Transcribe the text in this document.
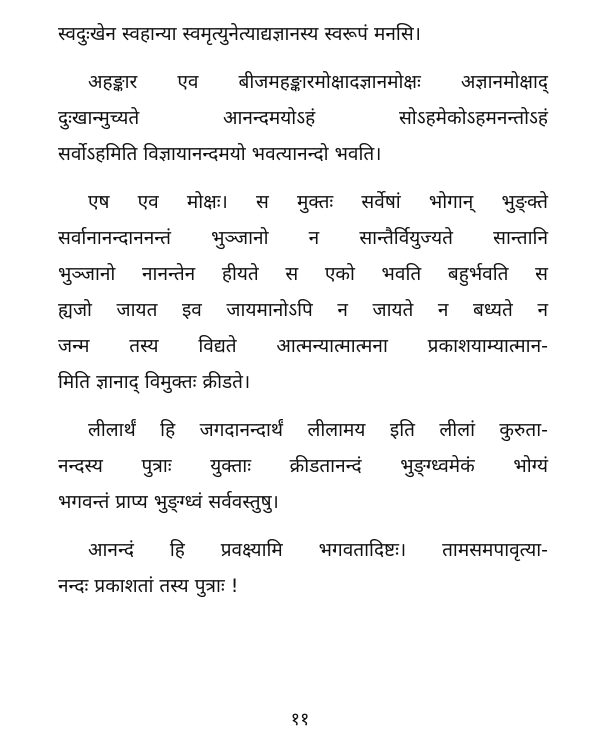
स्वदुःखेन स्वहान्या स्वमृत्युनेत्याद्यज्ञानस्य स्वरूपं मनसि।
अहङ्कार एव बीजमहङ्कारमोक्षादज्ञानमोक्षः अज्ञानमोक्षाद्
दुःखान्मुच्यते आनन्दमयोऽहं सोऽहमेकोऽहमनन्तोऽहं
सर्वोऽहमिति विज्ञायानन्दमयो भवत्यानन्दो भवति।
एष एव मोक्षः। स मुक्तः सर्वेषां भोगान् भुङ्क्ते
सर्वानानन्दाननन्तं भुञ्जानो न सान्तैर्वियुज्यते सान्तानि
भुञ्जानो नानन्तेन हीयते स एको भवति बहुर्भवति स
ह्यजो जायत इव जायमानोऽपि न जायते न बध्यते न
जन्म तस्य विद्यते आत्मन्यात्मात्मना प्रकाशयाम्यात्मान-
मिति ज्ञानाद् विमुक्तः क्रीडते।
लीलार्थं हि जगदानन्दार्थं लीलामय इति लीलां कुरुता-
नन्दस्य पुत्राः युक्ताः क्रीडतानन्दं भुङ्ग्ध्वमेकं भोग्यं
भगवन्तं प्राप्य भुङ्ग्ध्वं सर्ववस्तुषु।
आनन्दं हि प्रवक्ष्यामि भगवतादिष्टः। तामसमपावृत्या-
नन्दः प्रकाशतां तस्य पुत्राः !
११
